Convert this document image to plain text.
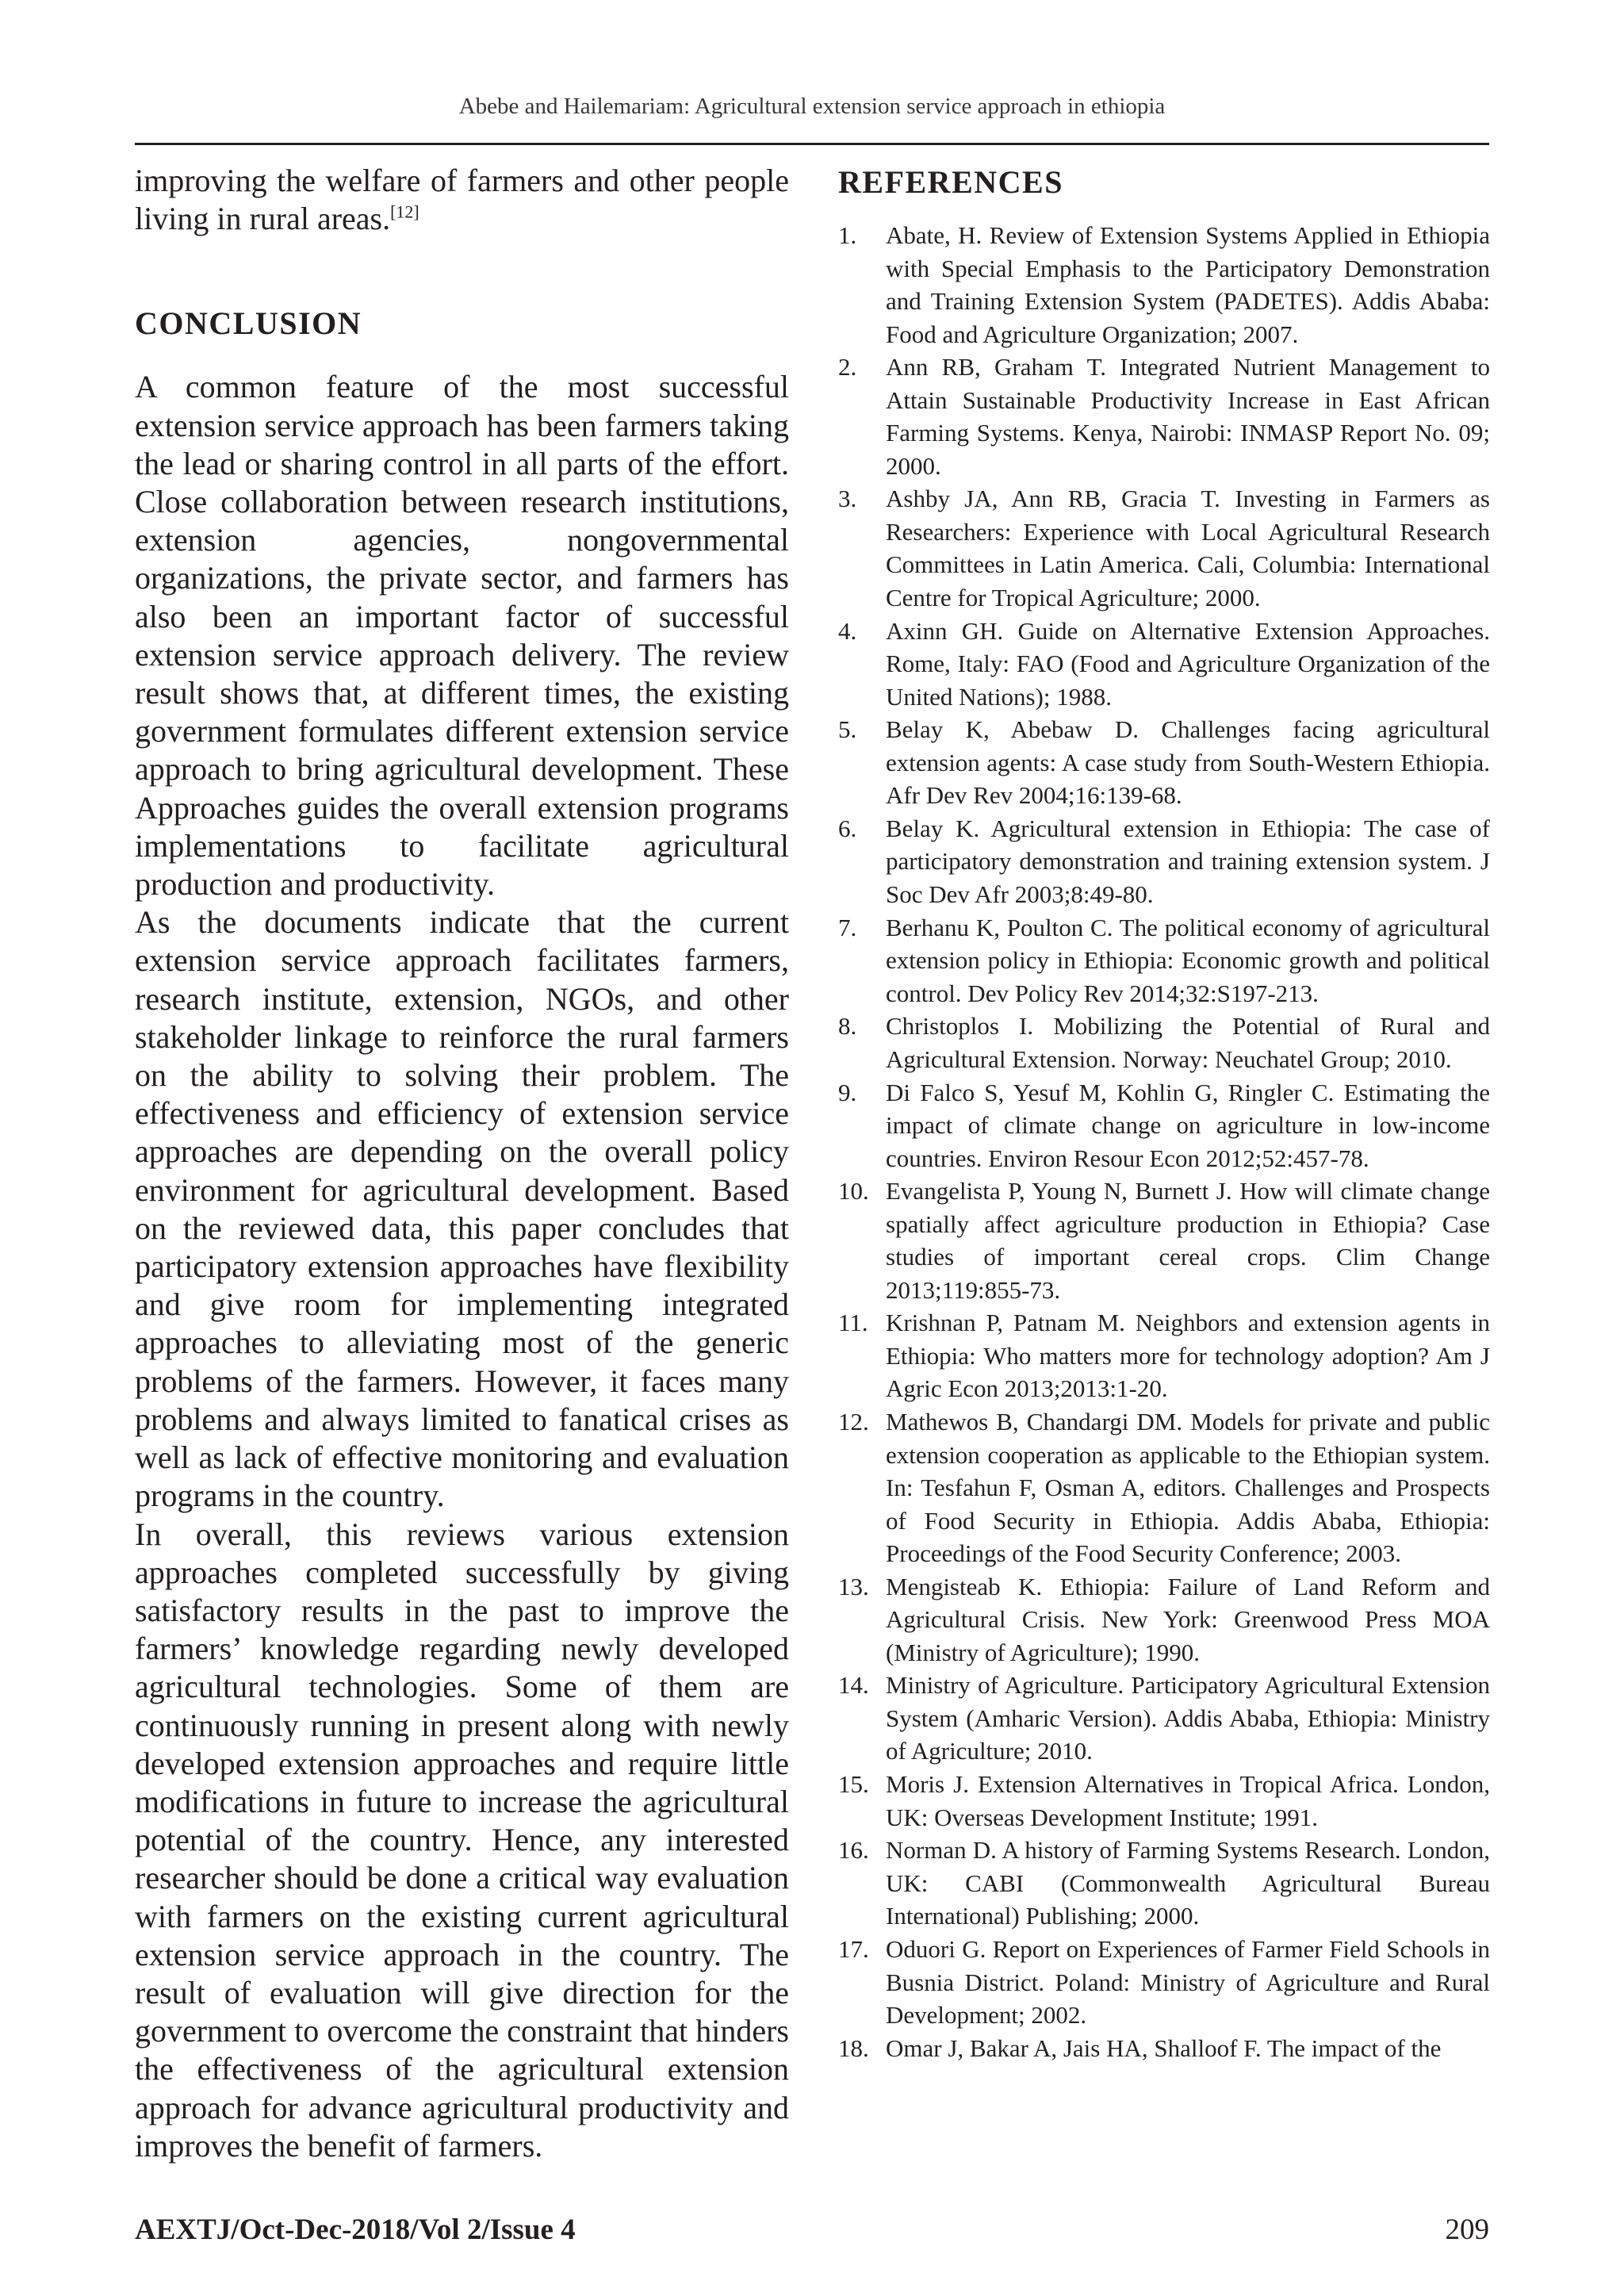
Abebe and Hailemariam: Agricultural extension service approach in ethiopia

improving the welfare of farmers and other people living in rural areas.[12]

CONCLUSION

A common feature of the most successful extension service approach has been farmers taking the lead or sharing control in all parts of the effort. Close collaboration between research institutions, extension agencies, nongovernmental organizations, the private sector, and farmers has also been an important factor of successful extension service approach delivery. The review result shows that, at different times, the existing government formulates different extension service approach to bring agricultural development. These Approaches guides the overall extension programs implementations to facilitate agricultural production and productivity.

As the documents indicate that the current extension service approach facilitates farmers, research institute, extension, NGOs, and other stakeholder linkage to reinforce the rural farmers on the ability to solving their problem. The effectiveness and efficiency of extension service approaches are depending on the overall policy environment for agricultural development. Based on the reviewed data, this paper concludes that participatory extension approaches have flexibility and give room for implementing integrated approaches to alleviating most of the generic problems of the farmers. However, it faces many problems and always limited to fanatical crises as well as lack of effective monitoring and evaluation programs in the country.

In overall, this reviews various extension approaches completed successfully by giving satisfactory results in the past to improve the farmers’ knowledge regarding newly developed agricultural technologies. Some of them are continuously running in present along with newly developed extension approaches and require little modifications in future to increase the agricultural potential of the country. Hence, any interested researcher should be done a critical way evaluation with farmers on the existing current agricultural extension service approach in the country. The result of evaluation will give direction for the government to overcome the constraint that hinders the effectiveness of the agricultural extension approach for advance agricultural productivity and improves the benefit of farmers.

REFERENCES
1.	Abate, H. Review of Extension Systems Applied in Ethiopia with Special Emphasis to the Participatory Demonstration and Training Extension System (PADETES). Addis Ababa: Food and Agriculture Organization; 2007.
2.	Ann RB, Graham T. Integrated Nutrient Management to Attain Sustainable Productivity Increase in East African Farming Systems. Kenya, Nairobi: INMASP Report No. 09; 2000.
3.	Ashby JA, Ann RB, Gracia T. Investing in Farmers as Researchers: Experience with Local Agricultural Research Committees in Latin America. Cali, Columbia: International Centre for Tropical Agriculture; 2000.
4.	Axinn GH. Guide on Alternative Extension Approaches. Rome, Italy: FAO (Food and Agriculture Organization of the United Nations); 1988.
5.	Belay K, Abebaw D. Challenges facing agricultural extension agents: A case study from South-Western Ethiopia. Afr Dev Rev 2004;16:139-68.
6.	Belay K. Agricultural extension in Ethiopia: The case of participatory demonstration and training extension system. J Soc Dev Afr 2003;8:49-80.
7.	Berhanu K, Poulton C. The political economy of agricultural extension policy in Ethiopia: Economic growth and political control. Dev Policy Rev 2014;32:S197-213.
8.	Christoplos I. Mobilizing the Potential of Rural and Agricultural Extension. Norway: Neuchatel Group; 2010.
9.	Di Falco S, Yesuf M, Kohlin G, Ringler C. Estimating the impact of climate change on agriculture in low-income countries. Environ Resour Econ 2012;52:457-78.
10. Evangelista P, Young N, Burnett J. How will climate change spatially affect agriculture production in Ethiopia? Case studies of important cereal crops. Clim Change 2013;119:855-73.
11. Krishnan P, Patnam M. Neighbors and extension agents in Ethiopia: Who matters more for technology adoption? Am J Agric Econ 2013;2013:1-20.
12. Mathewos B, Chandargi DM. Models for private and public extension cooperation as applicable to the Ethiopian system. In: Tesfahun F, Osman A, editors. Challenges and Prospects of Food Security in Ethiopia. Addis Ababa, Ethiopia: Proceedings of the Food Security Conference; 2003.
13. Mengisteab K. Ethiopia: Failure of Land Reform and Agricultural Crisis. New York: Greenwood Press MOA (Ministry of Agriculture); 1990.
14. Ministry of Agriculture. Participatory Agricultural Extension System (Amharic Version). Addis Ababa, Ethiopia: Ministry of Agriculture; 2010.
15. Moris J. Extension Alternatives in Tropical Africa. London, UK: Overseas Development Institute; 1991.
16. Norman D. A history of Farming Systems Research. London, UK: CABI (Commonwealth Agricultural Bureau International) Publishing; 2000.
17. Oduori G. Report on Experiences of Farmer Field Schools in Busnia District. Poland: Ministry of Agriculture and Rural Development; 2002.
18. Omar J, Bakar A, Jais HA, Shalloof F. The impact of the
AEXTJ/Oct-Dec-2018/Vol 2/Issue 4	209
